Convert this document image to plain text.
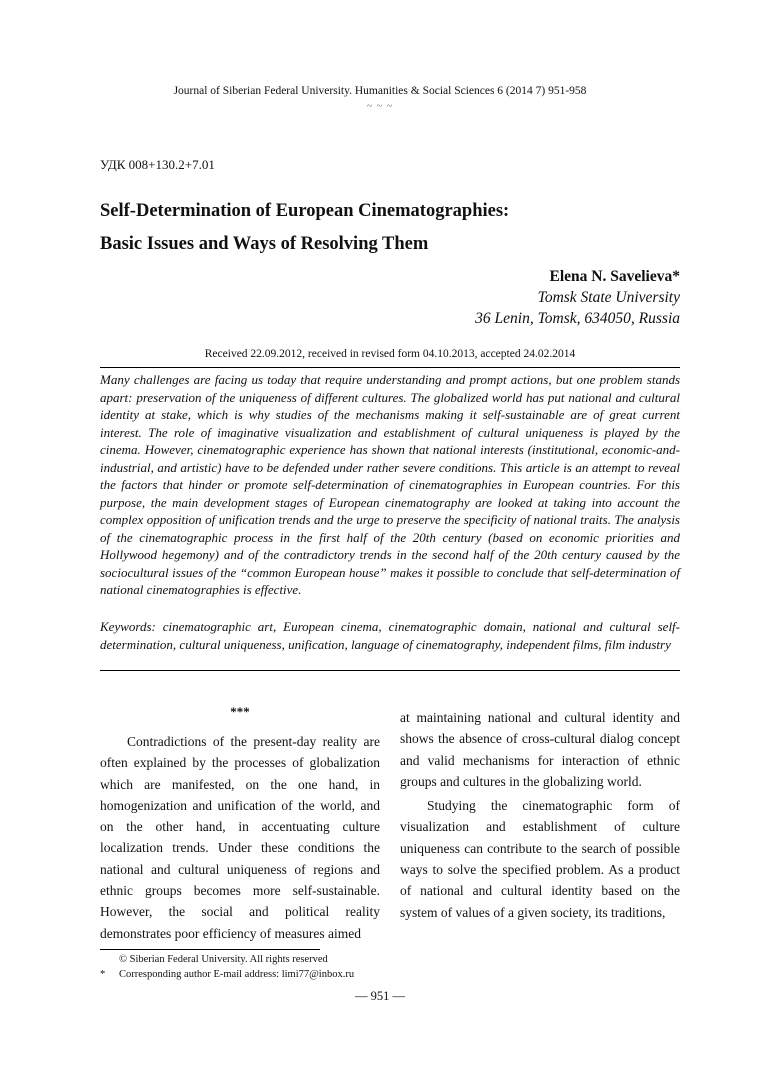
Journal of Siberian Federal University. Humanities & Social Sciences 6 (2014 7) 951-958
~ ~ ~
УДК 008+130.2+7.01
Self-Determination of European Cinematographies:
Basic Issues and Ways of Resolving Them
Elena N. Savelieva*
Tomsk State University
36 Lenin, Tomsk, 634050, Russia
Received 22.09.2012, received in revised form 04.10.2013, accepted 24.02.2014
Many challenges are facing us today that require understanding and prompt actions, but one problem stands apart: preservation of the uniqueness of different cultures. The globalized world has put national and cultural identity at stake, which is why studies of the mechanisms making it self-sustainable are of great current interest. The role of imaginative visualization and establishment of cultural uniqueness is played by the cinema. However, cinematographic experience has shown that national interests (institutional, economic-and-industrial, and artistic) have to be defended under rather severe conditions. This article is an attempt to reveal the factors that hinder or promote self-determination of cinematographies in European countries. For this purpose, the main development stages of European cinematography are looked at taking into account the complex opposition of unification trends and the urge to preserve the specificity of national traits. The analysis of the cinematographic process in the first half of the 20th century (based on economic priorities and Hollywood hegemony) and of the contradictory trends in the second half of the 20th century caused by the sociocultural issues of the “common European house” makes it possible to conclude that self-determination of national cinematographies is effective.
Keywords: cinematographic art, European cinema, cinematographic domain, national and cultural self-determination, cultural uniqueness, unification, language of cinematography, independent films, film industry
***

Contradictions of the present-day reality are often explained by the processes of globalization which are manifested, on the one hand, in homogenization and unification of the world, and on the other hand, in accentuating culture localization trends. Under these conditions the national and cultural uniqueness of regions and ethnic groups becomes more self-sustainable. However, the social and political reality demonstrates poor efficiency of measures aimed

at maintaining national and cultural identity and shows the absence of cross-cultural dialog concept and valid mechanisms for interaction of ethnic groups and cultures in the globalizing world.

Studying the cinematographic form of visualization and establishment of culture uniqueness can contribute to the search of possible ways to solve the specified problem. As a product of national and cultural identity based on the system of values of a given society, its traditions,

© Siberian Federal University. All rights reserved
* Corresponding author E-mail address: limi77@inbox.ru
— 951 —
